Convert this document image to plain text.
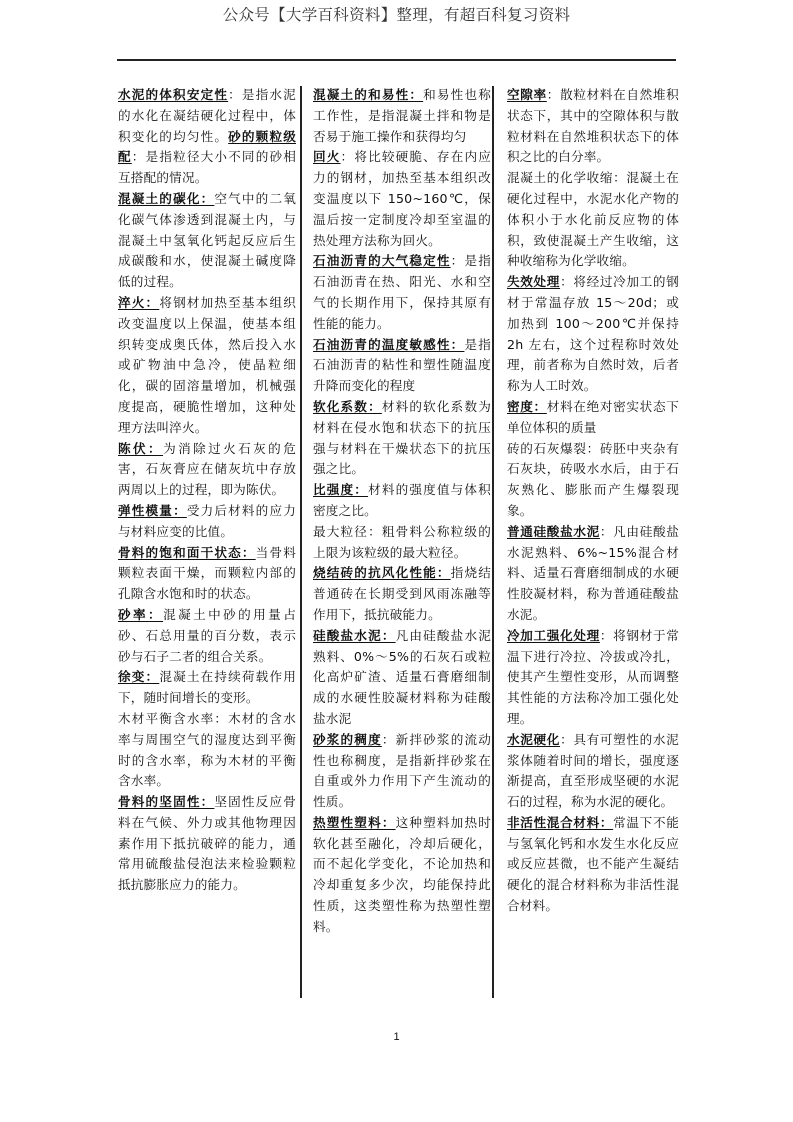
公众号【大学百科资料】整理，有超百科复习资料

水泥的体积安定性：是指水泥的水化在凝结硬化过程中，体积变化的均匀性。砂的颗粒级配：是指粒径大小不同的砂相互搭配的情况。

混凝土的碳化：空气中的二氧化碳气体渗透到混凝土内，与混凝土中氢氧化钙起反应后生成碳酸和水，使混凝土碱度降低的过程。

淬火：将钢材加热至基本组织改变温度以上保温，使基本组织转变成奥氏体，然后投入水或矿物油中急冷，使晶粒细化，碳的固溶量增加，机械强度提高，硬脆性增加，这种处理方法叫淬火。

陈伏：为消除过火石灰的危害，石灰膏应在储灰坑中存放两周以上的过程，即为陈伏。

弹性模量：受力后材料的应力与材料应变的比值。

骨料的饱和面干状态：当骨料颗粒表面干燥，而颗粒内部的孔隙含水饱和时的状态。

砂率：混凝土中砂的用量占砂、石总用量的百分数，表示砂与石子二者的组合关系。

徐变：混凝土在持续荷载作用下，随时间增长的变形。

木材平衡含水率：木材的含水率与周围空气的湿度达到平衡时的含水率，称为木材的平衡含水率。

骨料的坚固性：坚固性反应骨料在气候、外力或其他物理因素作用下抵抗破碎的能力，通常用硫酸盐侵泡法来检验颗粒抵抗膨胀应力的能力。

混凝土的和易性：和易性也称工作性，是指混凝土拌和物是否易于施工操作和获得均匀

回火：将比较硬脆、存在内应力的钢材，加热至基本组织改变温度以下 150~160℃，保温后按一定制度冷却至室温的热处理方法称为回火。

石油沥青的大气稳定性：是指石油沥青在热、阳光、水和空气的长期作用下，保持其原有性能的能力。

石油沥青的温度敏感性：是指石油沥青的粘性和塑性随温度升降而变化的程度

软化系数：材料的软化系数为材料在侵水饱和状态下的抗压强与材料在干燥状态下的抗压强之比。

比强度：材料的强度值与体积密度之比。

最大粒径：粗骨料公称粒级的上限为该粒级的最大粒径。

烧结砖的抗风化性能：指烧结普通砖在长期受到风雨冻融等作用下，抵抗破能力。

硅酸盐水泥：凡由硅酸盐水泥熟料、0%～5%的石灰石或粒化高炉矿渣、适量石膏磨细制成的水硬性胶凝材料称为硅酸盐水泥

砂浆的稠度：新拌砂浆的流动性也称稠度，是指新拌砂浆在自重或外力作用下产生流动的性质。

热塑性塑料：这种塑料加热时软化甚至融化，冷却后硬化，而不起化学变化，不论加热和冷却重复多少次，均能保持此性质，这类塑性称为热塑性塑料。

空隙率：散粒材料在自然堆积状态下，其中的空隙体积与散粒材料在自然堆积状态下的体积之比的白分率。

混凝土的化学收缩：混凝土在硬化过程中，水泥水化产物的体积小于水化前反应物的体积，致使混凝土产生收缩，这种收缩称为化学收缩。

失效处理：将经过冷加工的钢材于常温存放 15～20d；或加热到 100～200℃并保持 2h 左右，这个过程称时效处理，前者称为自然时效，后者称为人工时效。

密度：材料在绝对密实状态下单位体积的质量

砖的石灰爆裂：砖胚中夹杂有石灰块，砖吸水水后，由于石灰熟化、膨胀而产生爆裂现象。

普通硅酸盐水泥：凡由硅酸盐水泥熟料、6%~15%混合材料、适量石膏磨细制成的水硬性胶凝材料，称为普通硅酸盐水泥。

冷加工强化处理：将钢材于常温下进行冷拉、冷拔或冷扎，使其产生塑性变形，从而调整其性能的方法称冷加工强化处理。

水泥硬化：具有可塑性的水泥浆体随着时间的增长，强度逐渐提高，直至形成坚硬的水泥石的过程，称为水泥的硬化。

非活性混合材料：常温下不能与氢氧化钙和水发生水化反应或反应甚微，也不能产生凝结硬化的混合材料称为非活性混合材料。

1
